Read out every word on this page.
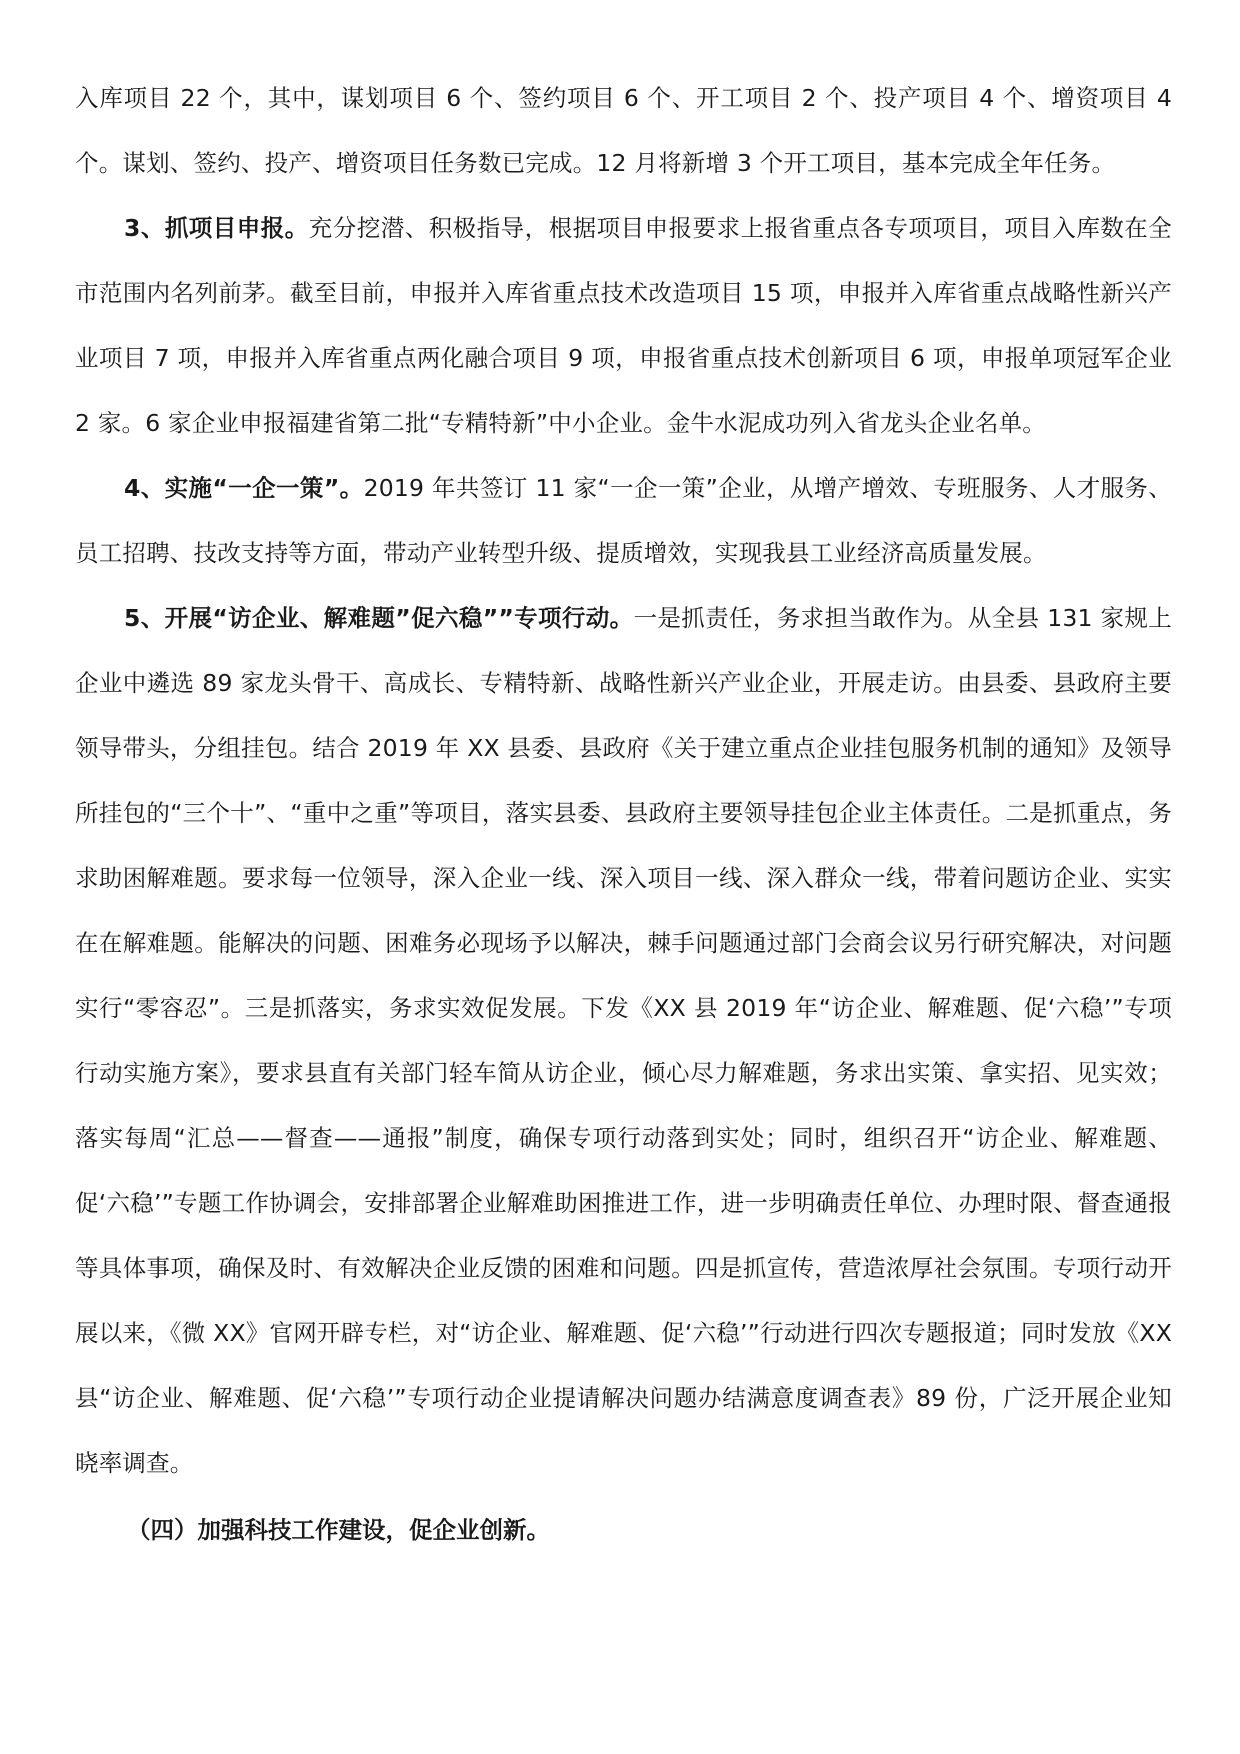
入库项目 22 个，其中，谋划项目 6 个、签约项目 6 个、开工项目 2 个、投产项目 4 个、增资项目 4 个。谋划、签约、投产、增资项目任务数已完成。12 月将新增 3 个开工项目，基本完成全年任务。

3、抓项目申报。充分挖潜、积极指导，根据项目申报要求上报省重点各专项项目，项目入库数在全市范围内名列前茅。截至目前，申报并入库省重点技术改造项目 15 项，申报并入库省重点战略性新兴产业项目 7 项，申报并入库省重点两化融合项目 9 项，申报省重点技术创新项目 6 项，申报单项冠军企业 2 家。6 家企业申报福建省第二批“专精特新”中小企业。金牛水泥成功列入省龙头企业名单。

4、实施“一企一策”。2019 年共签订 11 家“一企一策”企业，从增产增效、专班服务、人才服务、员工招聘、技改支持等方面，带动产业转型升级、提质增效，实现我县工业经济高质量发展。

5、开展“访企业、解难题”促六稳””专项行动。一是抓责任，务求担当敢作为。从全县 131 家规上企业中遴选 89 家龙头骨干、高成长、专精特新、战略性新兴产业企业，开展走访。由县委、县政府主要领导带头，分组挂包。结合 2019 年 XX 县委、县政府《关于建立重点企业挂包服务机制的通知》及领导所挂包的“三个十”、“重中之重”等项目，落实县委、县政府主要领导挂包企业主体责任。二是抓重点，务求助困解难题。要求每一位领导，深入企业一线、深入项目一线、深入群众一线，带着问题访企业、实实在在解难题。能解决的问题、困难务必现场予以解决，棘手问题通过部门会商会议另行研究解决，对问题实行“零容忍”。三是抓落实，务求实效促发展。下发《XX 县 2019 年“访企业、解难题、促‘六稳’”专项行动实施方案》，要求县直有关部门轻车简从访企业，倾心尽力解难题，务求出实策、拿实招、见实效；落实每周“汇总——督查——通报”制度，确保专项行动落到实处；同时，组织召开“访企业、解难题、促‘六稳’”专题工作协调会，安排部署企业解难助困推进工作，进一步明确责任单位、办理时限、督查通报等具体事项，确保及时、有效解决企业反馈的困难和问题。四是抓宣传，营造浓厚社会氛围。专项行动开展以来，《微 XX》官网开辟专栏，对“访企业、解难题、促‘六稳’”行动进行四次专题报道；同时发放《XX 县“访企业、解难题、促‘六稳’”专项行动企业提请解决问题办结满意度调查表》89 份，广泛开展企业知晓率调查。

（四）加强科技工作建设，促企业创新。
